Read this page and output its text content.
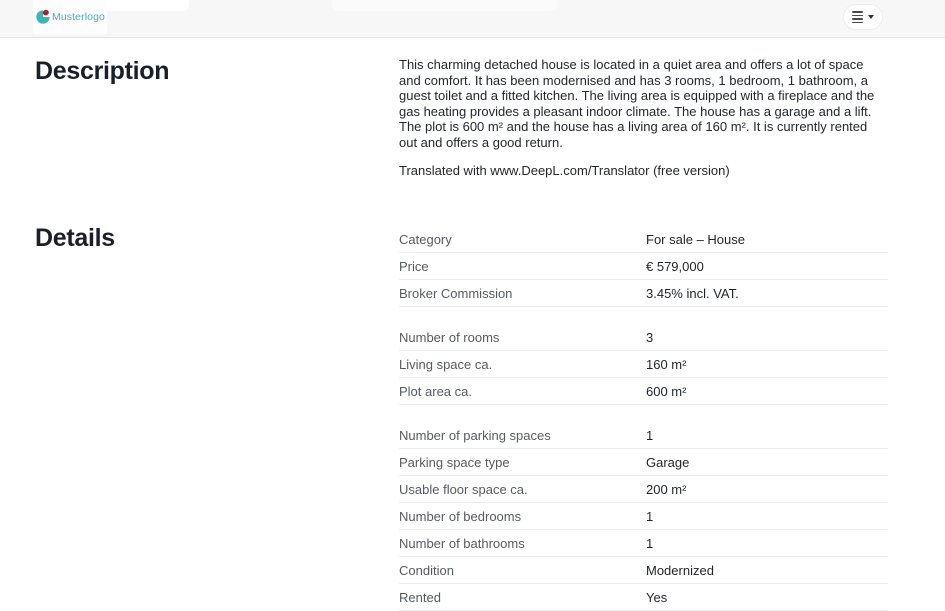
Musterlogo
Description	This charming detached house is located in a quiet area and offers a lot of space and comfort. It has been modernised and has 3 rooms, 1 bedroom, 1 bathroom, a guest toilet and a fitted kitchen. The living area is equipped with a fireplace and the gas heating provides a pleasant indoor climate. The house has a garage and a lift. The plot is 600 m² and the house has a living area of 160 m². It is currently rented out and offers a good return.

Translated with www.DeepL.com/Translator (free version)

Details	Category	For sale – House
Price	€ 579,000
Broker Commission	3.45% incl. VAT.
Number of rooms	3
Living space ca.	160 m²
Plot area ca.	600 m²
Number of parking spaces	1
Parking space type	Garage
Usable floor space ca.	200 m²
Number of bedrooms	1
Number of bathrooms	1
Condition	Modernized
Rented	Yes
